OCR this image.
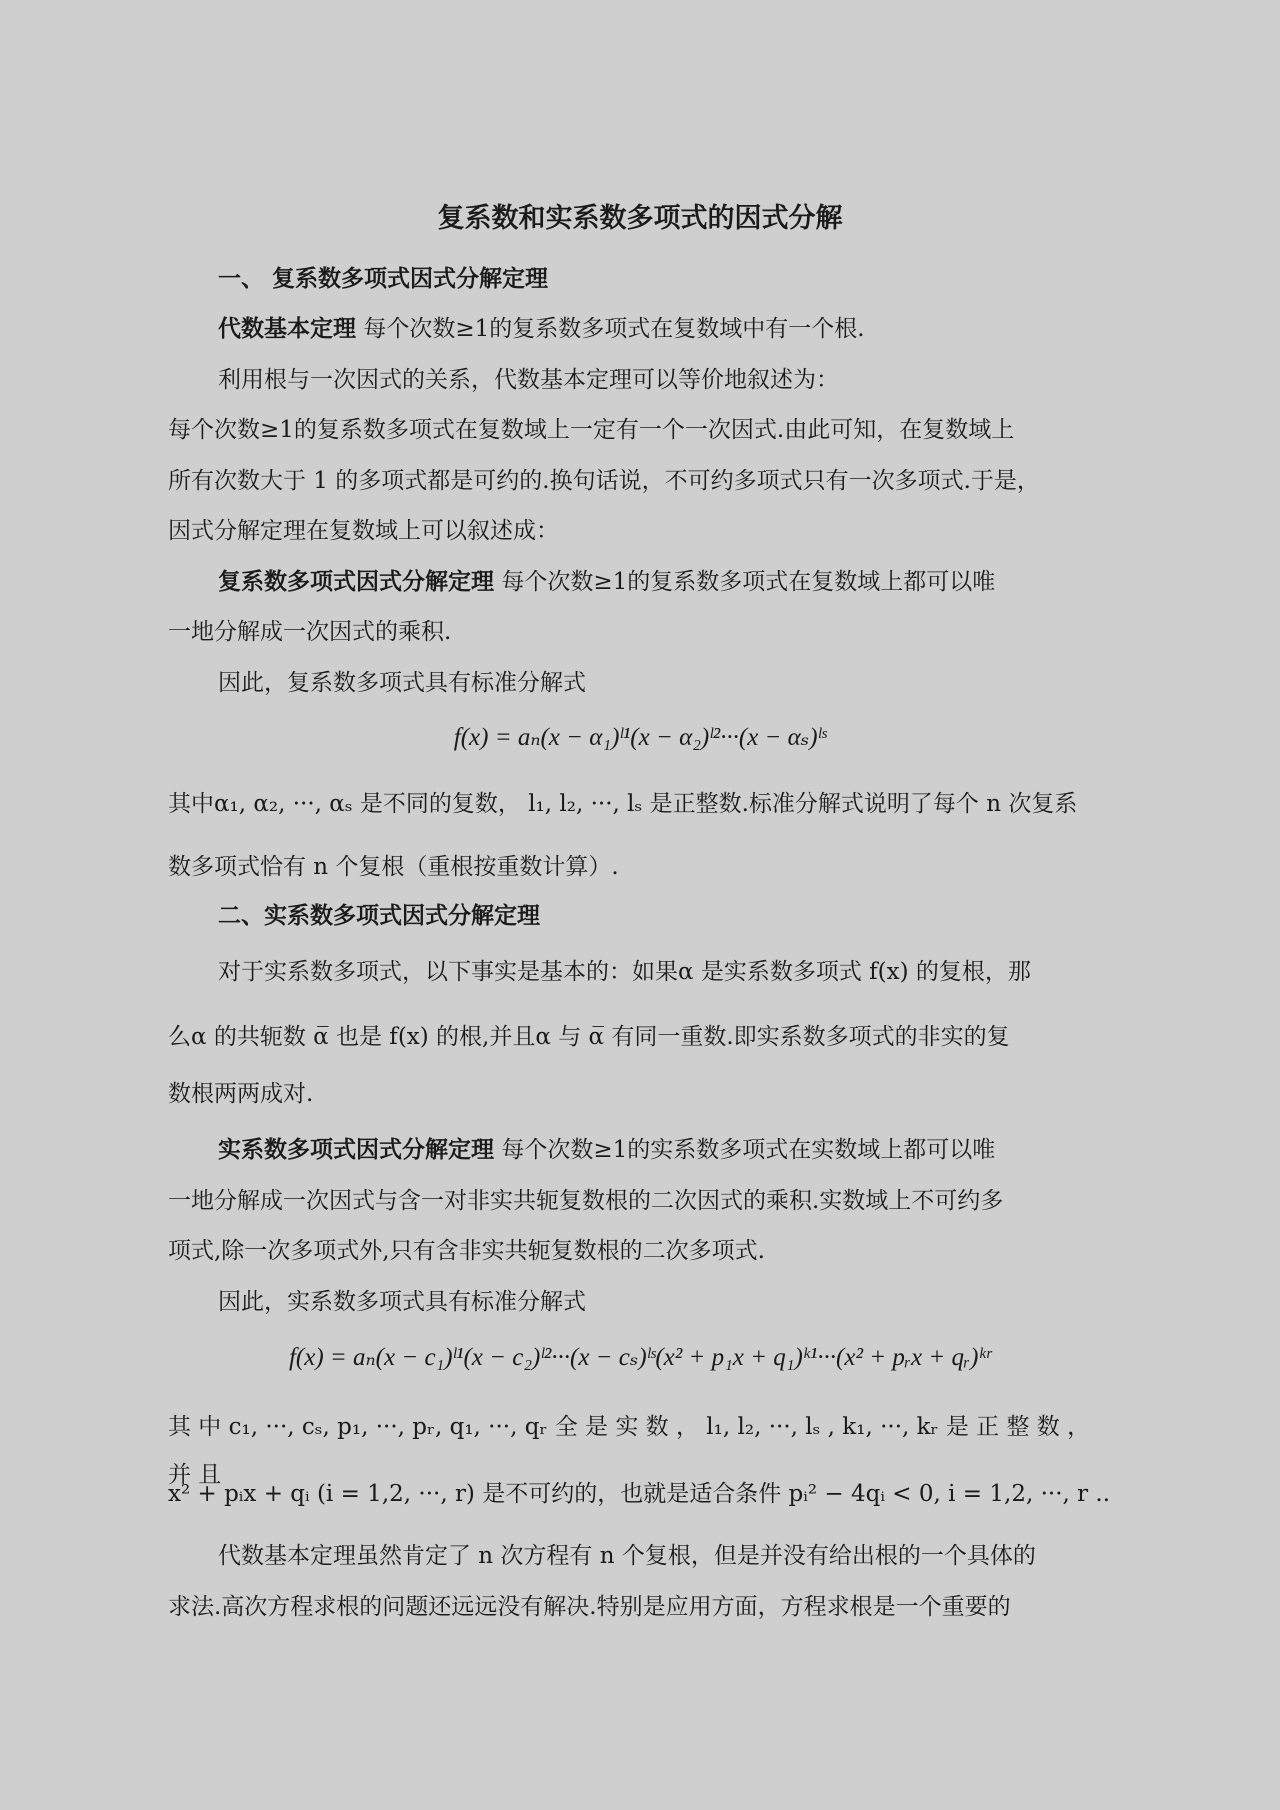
复系数和实系数多项式的因式分解
一、 复系数多项式因式分解定理
代数基本定理 每个次数≥1的复系数多项式在复数域中有一个根.
利用根与一次因式的关系，代数基本定理可以等价地叙述为：
每个次数≥1的复系数多项式在复数域上一定有一个一次因式.由此可知，在复数域上
所有次数大于 1 的多项式都是可约的.换句话说，不可约多项式只有一次多项式.于是，
因式分解定理在复数域上可以叙述成：
复系数多项式因式分解定理 每个次数≥1的复系数多项式在复数域上都可以唯
一地分解成一次因式的乘积.
因此，复系数多项式具有标准分解式
f(x) = aₙ(x − α₁)ˡ¹(x − α₂)ˡ²···(x − αₛ)ˡˢ
其中α₁, α₂, ···, αₛ 是不同的复数， l₁, l₂, ···, lₛ 是正整数.标准分解式说明了每个 n 次复系
数多项式恰有 n 个复根（重根按重数计算）.
二、实系数多项式因式分解定理
对于实系数多项式，以下事实是基本的：如果α 是实系数多项式 f(x) 的复根，那
么α 的共轭数 α̅ 也是 f(x) 的根,并且α 与 α̅ 有同一重数.即实系数多项式的非实的复
数根两两成对.
实系数多项式因式分解定理 每个次数≥1的实系数多项式在实数域上都可以唯
一地分解成一次因式与含一对非实共轭复数根的二次因式的乘积.实数域上不可约多
项式,除一次多项式外,只有含非实共轭复数根的二次多项式.
因此，实系数多项式具有标准分解式
f(x) = aₙ(x − c₁)ˡ¹(x − c₂)ˡ²···(x − cₛ)ˡˢ(x² + p₁x + q₁)ᵏ¹···(x² + pᵣx + qᵣ)ᵏʳ
其 中 c₁, ···, cₛ, p₁, ···, pᵣ, q₁, ···, qᵣ 全 是 实 数 ， l₁, l₂, ···, lₛ , k₁, ···, kᵣ 是 正 整 数 ， 并 且
x² + pᵢx + qᵢ (i = 1,2, ···, r) 是不可约的，也就是适合条件 pᵢ² − 4qᵢ < 0, i = 1,2, ···, r ..
代数基本定理虽然肯定了 n 次方程有 n 个复根，但是并没有给出根的一个具体的
求法.高次方程求根的问题还远远没有解决.特别是应用方面，方程求根是一个重要的
